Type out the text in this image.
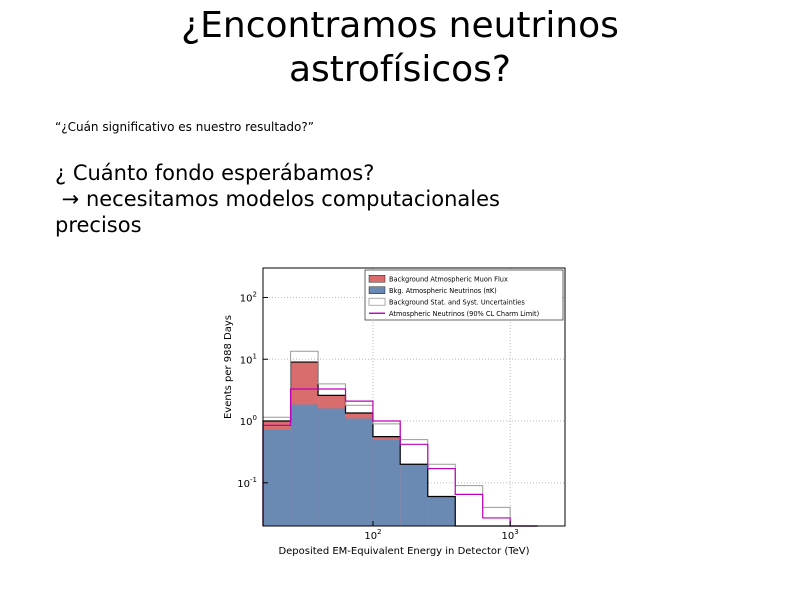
¿Encontramos neutrinos
astrofísicos?
“¿Cuán significativo es nuestro resultado?”
¿ Cuánto fondo esperábamos?
→ necesitamos modelos computacionales
precisos
$10^{-1}$
$10^0$
$10^1$
$10^2$
$10^2$	$10^3$
Deposited EM-Equivalent Energy in Detector (TeV)
Events per 988 Days
Background Atmospheric Muon Flux
Bkg. Atmospheric Neutrinos (πK)
Background Stat. and Syst. Uncertainties
Atmospheric Neutrinos (90% CL Charm Limit)
